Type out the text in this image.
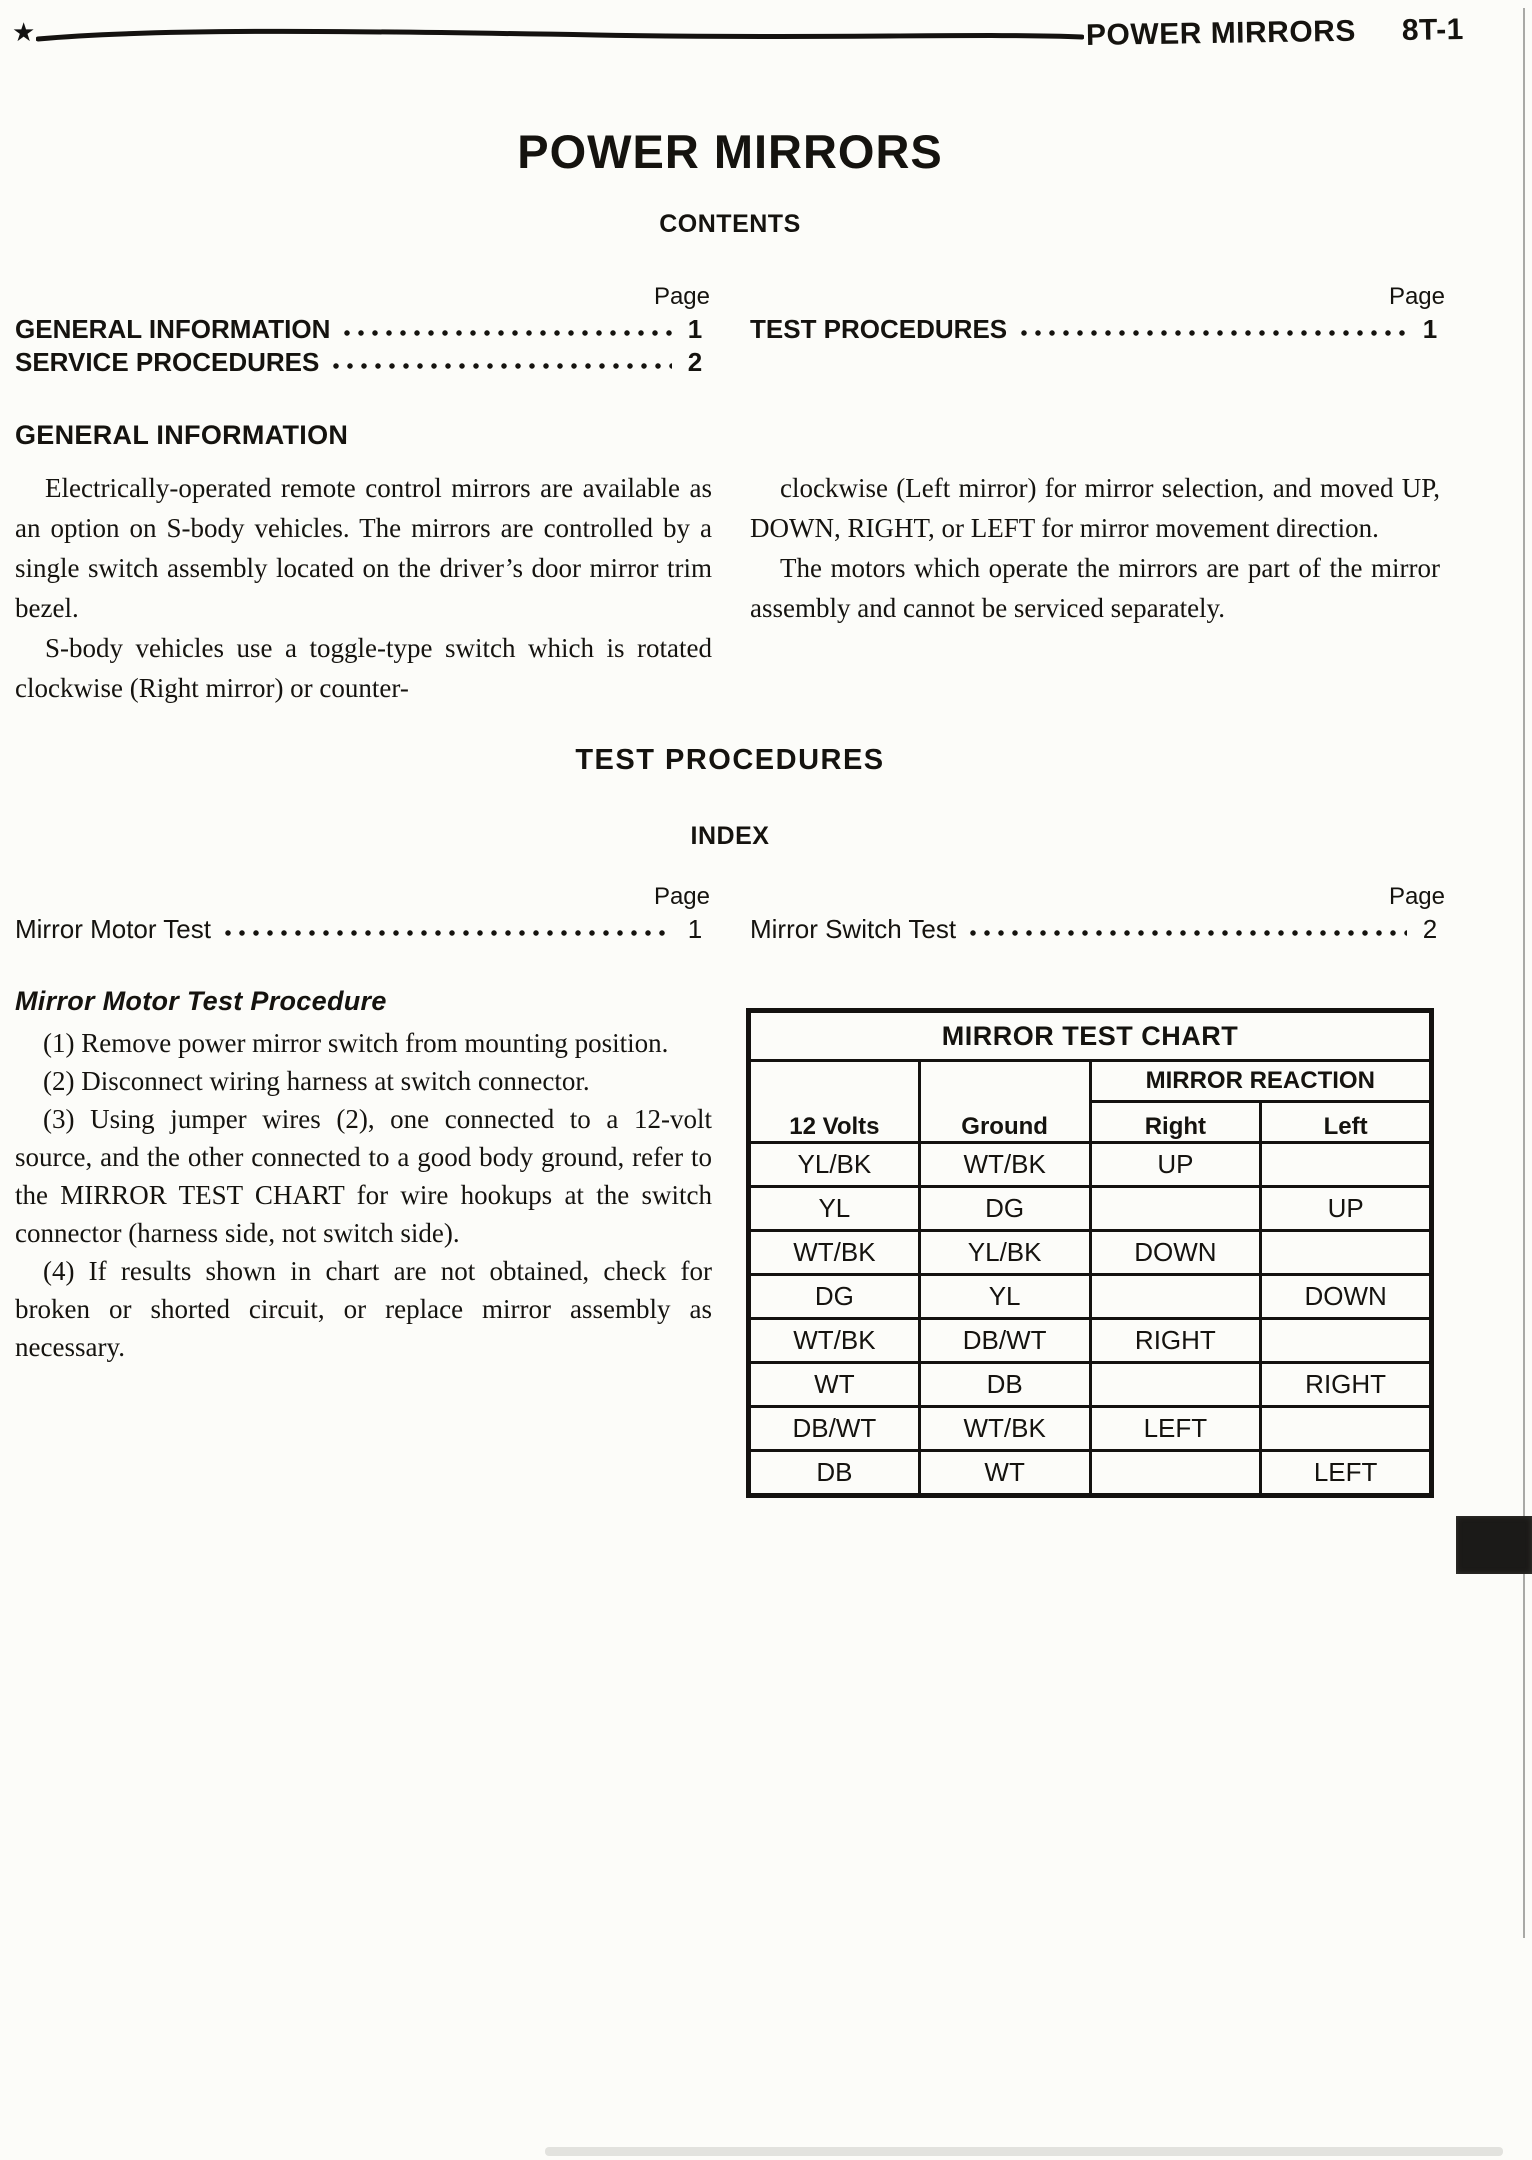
★	POWER MIRRORS 8T-1
POWER MIRRORS
CONTENTS
Page
GENERAL INFORMATION	1
SERVICE PROCEDURES	2
Page
TEST PROCEDURES	1
GENERAL INFORMATION

Electrically-operated remote control mirrors are available as an option on S-body vehicles. The mirrors are controlled by a single switch assembly located on the driver’s door mirror trim bezel.

S-body vehicles use a toggle-type switch which is rotated clockwise (Right mirror) or counter-

clockwise (Left mirror) for mirror selection, and moved UP, DOWN, RIGHT, or LEFT for mirror movement direction.

The motors which operate the mirrors are part of the mirror assembly and cannot be serviced separately.

TEST PROCEDURES
INDEX
Page
Mirror Motor Test	1
Page
Mirror Switch Test	2
Mirror Motor Test Procedure

(1) Remove power mirror switch from mounting position.

(2) Disconnect wiring harness at switch connector.

(3) Using jumper wires (2), one connected to a 12-volt source, and the other connected to a good body ground, refer to the MIRROR TEST CHART for wire hookups at the switch connector (harness side, not switch side).

(4) If results shown in chart are not obtained, check for broken or shorted circuit, or replace mirror assembly as necessary.

MIRROR TEST CHART			
12 Volts	Ground	MIRROR REACTION	
		Right	Left
YL/BK	WT/BK	UP	
YL	DG		UP
WT/BK	YL/BK	DOWN	
DG	YL		DOWN
WT/BK	DB/WT	RIGHT	
WT	DB		RIGHT
DB/WT	WT/BK	LEFT	
DB	WT		LEFT
